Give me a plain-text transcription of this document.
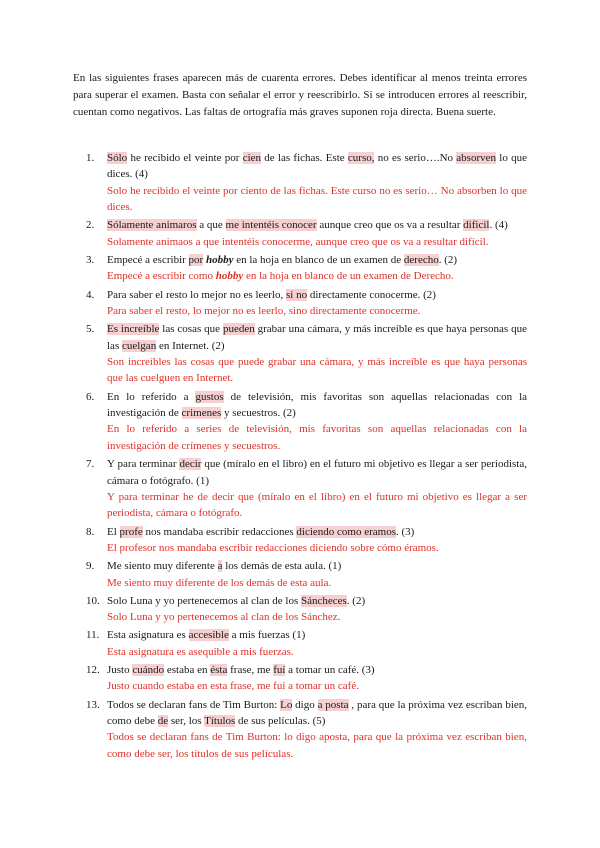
En las siguientes frases aparecen más de cuarenta errores. Debes identificar al menos treinta errores para superar el examen. Basta con señalar el error y reescribirlo. Si se introducen errores al reescribir, cuentan como negativos. Las faltas de ortografía más graves suponen roja directa. Buena suerte.

1.	Sólo he recibido el veinte por cien de las fichas. Este curso, no es serio….No absorven lo que dices. (4)
Solo he recibido el veinte por ciento de las fichas. Este curso no es serio… No absorben lo que dices.
2.	Sólamente animaros a que me intentéis conocer aunque creo que os va a resultar dificil. (4)
Solamente animaos a que intentéis conocerme, aunque creo que os va a resultar difícil.
3.	Empecé a escribir por hobby en la hoja en blanco de un examen de derecho. (2)
Empecé a escribir como hobby en la hoja en blanco de un examen de Derecho.
4.	Para saber el resto lo mejor no es leerlo, si no directamente conocerme. (2)
Para saber el resto, lo mejor no es leerlo, sino directamente conocerme.
5.	Es increíble las cosas que pueden grabar una cámara, y más increíble es que haya personas que las cuelgan en Internet. (2)
Son increíbles las cosas que puede grabar una cámara, y más increíble es que haya personas que las cuelguen en Internet.
6.	En lo referido a gustos de televisión, mis favoritas son aquellas relacionadas con la investigación de crimenes y secuestros. (2)
En lo referido a series de televisión, mis favoritas son aquellas relacionadas con la investigación de crímenes y secuestros.
7.	Y para terminar decir que (míralo en el libro) en el futuro mi objetivo es llegar a ser periodista, cámara o fotógrafo. (1)
Y para terminar he de decir que (míralo en el libro) en el futuro mi objetivo es llegar a ser periodista, cámara o fotógrafo.
8.	El profe nos mandaba escribir redacciones diciendo como eramos. (3)
El profesor nos mandaba escribir redacciones diciendo sobre cómo éramos.
9.	Me siento muy diferente a los demás de esta aula. (1)
Me siento muy diferente de los demás de esta aula.
10. Solo Luna y yo pertenecemos al clan de los Sáncheces. (2)
Solo Luna y yo pertenecemos al clan de los Sánchez.
11. Esta asignatura es accesible a mis fuerzas (1)
Esta asignatura es asequible a mis fuerzas.
12. Justo cuándo estaba en ésta frase, me fuí a tomar un café. (3)
Justo cuando estaba en esta frase, me fui a tomar un café.
13. Todos se declaran fans de Tim Burton: Lo digo a posta , para que la próxima vez escriban bien, como debe de ser, los Títulos de sus películas. (5)
Todos se declaran fans de Tim Burton: lo digo aposta, para que la próxima vez escriban bien, como debe ser, los títulos de sus películas.
